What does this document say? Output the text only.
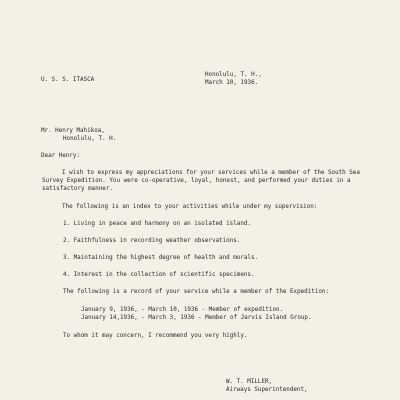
U. S. S. ITASCA
Honolulu, T. H.,
March 10, 1936.
Mr. Henry Mahikoa,
Honolulu, T. H.
Dear Henry:
I wish to express my appreciations for your services while a member of the South Sea Survey Expedition. You were co-operative, loyal, honest, and performed your duties in a satisfactory manner.
The following is an index to your activities while under my supervision:
1. Living in peace and harmony on an isolated island.
2. Faithfulness in recording weather observations.
3. Maintaining the highest degree of health and morals.
4. Interest in the collection of scientific specimens.
The following is a record of your service while a member of the Expedition:
January 9, 1936, - March 10, 1936 - Member of expedition.
January 14,1936, - March 3, 1936 - Member of Jarvis Island Group.
To whom it may concern, I recommend you very highly.
W. T. MILLER,
Airways Superintendent,
